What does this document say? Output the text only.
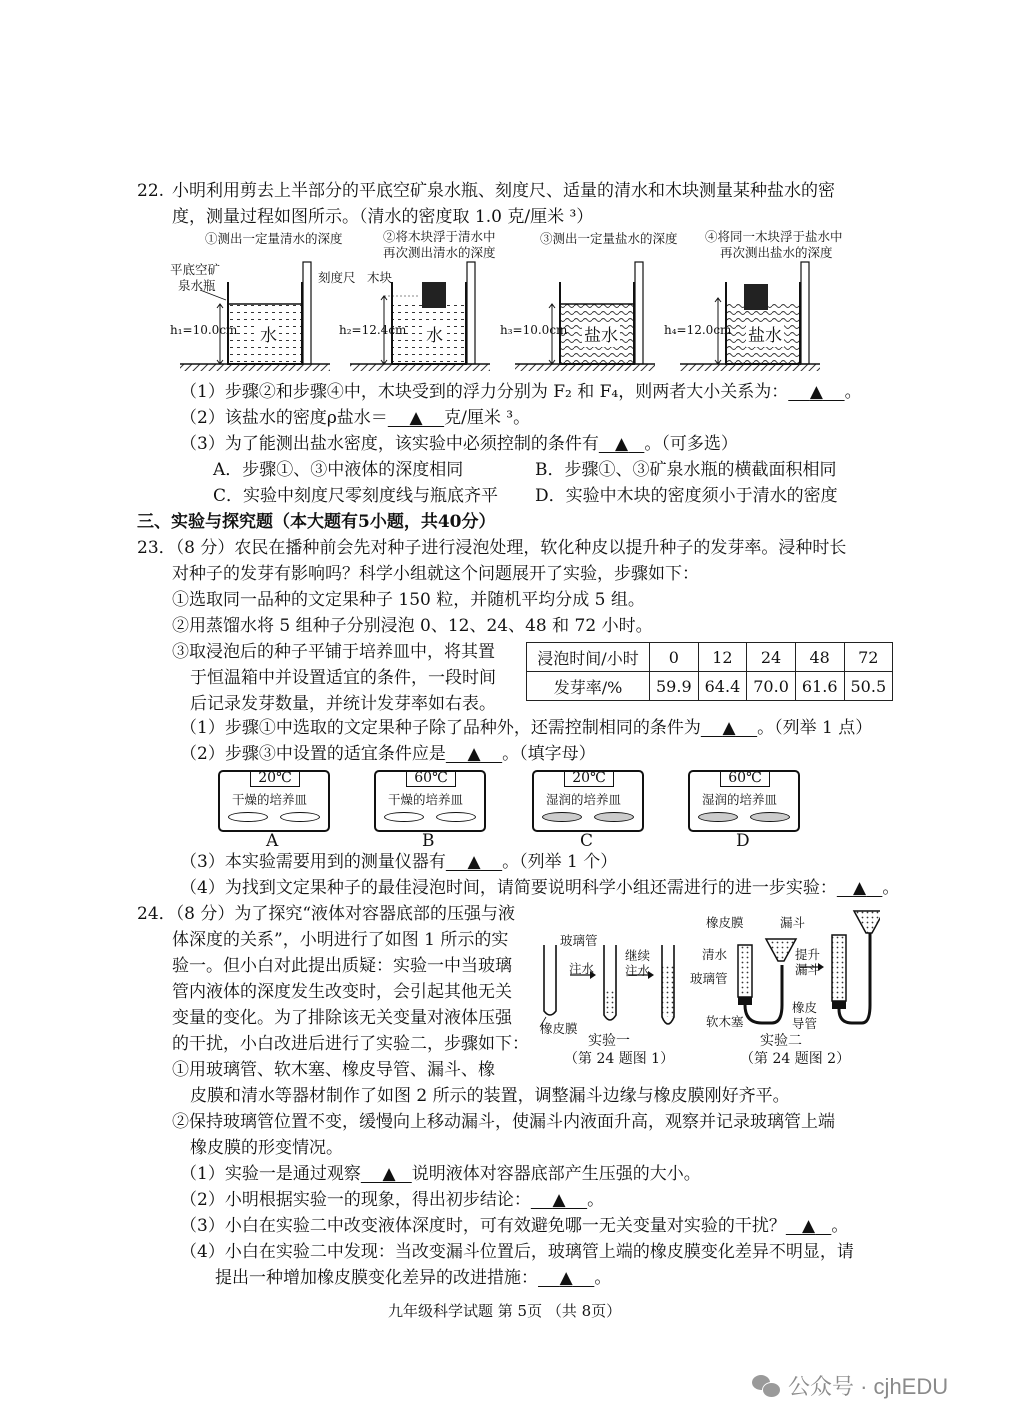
22. 小明利用剪去上半部分的平底空矿泉水瓶、刻度尺、适量的清水和木块测量某种盐水的密
度，测量过程如图所示。（清水的密度取 1.0 克/厘米 ³）
①测出一定量清水的深度	②将木块浮于清水中
再次测出清水的深度
③测出一定量盐水的深度 ④将同一木块浮于盐水中
再次测出盐水的深度
平底空矿
泉水瓶
刻度尺 木块
h₁=10.0cm	h₂=12.4cm	h₃=10.0cm	h₄=12.0cm
水	水	盐水	盐水
（1）步骤②和步骤④中，木块受到的浮力分别为 F₂ 和 F₄，则两者大小关系为： ▲ 。
（2）该盐水的密度ρ盐水＝ ▲ 克/厘米 ³。
（3）为了能测出盐水密度，该实验中必须控制的条件有 ▲ 。（可多选）
A．步骤①、③中液体的深度相同	B．步骤①、③矿泉水瓶的横截面积相同
C．实验中刻度尺零刻度线与瓶底齐平 D．实验中木块的密度须小于清水的密度
三、实验与探究题（本大题有5小题，共40分）
23．（8 分）农民在播种前会先对种子进行浸泡处理，软化种皮以提升种子的发芽率。浸种时长
对种子的发芽有影响吗？科学小组就这个问题展开了实验，步骤如下：
①选取同一品种的文定果种子 150 粒，并随机平均分成 5 组。
②用蒸馏水将 5 组种子分别浸泡 0、12、24、48 和 72 小时。
③取浸泡后的种子平铺于培养皿中，将其置
于恒温箱中并设置适宜的条件，一段时间
后记录发芽数量，并统计发芽率如右表。
浸泡时间/小时	0	12	24	48	72
发芽率/%	59.9	64.4	70.0	61.6	50.5
（1）步骤①中选取的文定果种子除了品种外，还需控制相同的条件为 ▲ 。（列举 1 点）
（2）步骤③中设置的适宜条件应是 ▲ 。（填字母）
20℃
干燥的培养皿
60℃
干燥的培养皿
20℃
湿润的培养皿
60℃
湿润的培养皿
A	B	C	D
（3）本实验需要用到的测量仪器有 ▲ 。（列举 1 个）
（4）为找到文定果种子的最佳浸泡时间，请简要说明科学小组还需进行的进一步实验： ▲ 。
24．（8 分）为了探究“液体对容器底部的压强与液
体深度的关系”，小明进行了如图 1 所示的实
验一。但小白对此提出质疑：实验一中当玻璃
管内液体的深度发生改变时，会引起其他无关
变量的变化。为了排除该无关变量对液体压强
的干扰，小白改进后进行了实验二，步骤如下：
①用玻璃管、软木塞、橡皮导管、漏斗、橡
皮膜和清水等器材制作了如图 2 所示的装置，调整漏斗边缘与橡皮膜刚好齐平。
②保持玻璃管位置不变，缓慢向上移动漏斗，使漏斗内液面升高，观察并记录玻璃管上端
橡皮膜的形变情况。
玻璃管
注水
继续
注水
橡皮膜
实验一
（第 24 题图 1）
橡皮膜	漏斗
清水
玻璃管
提升
漏斗
橡皮
导管
软木塞
实验二
（第 24 题图 2）
（1）实验一是通过观察 ▲ 说明液体对容器底部产生压强的大小。
（2）小明根据实验一的现象，得出初步结论： ▲ 。
（3）小白在实验二中改变液体深度时，可有效避免哪一无关变量对实验的干扰？ ▲ 。
（4）小白在实验二中发现：当改变漏斗位置后，玻璃管上端的橡皮膜变化差异不明显，请
提出一种增加橡皮膜变化差异的改进措施： ▲ 。
九年级科学试题 第 5页 （共 8页）
公众号 · cjhEDU
